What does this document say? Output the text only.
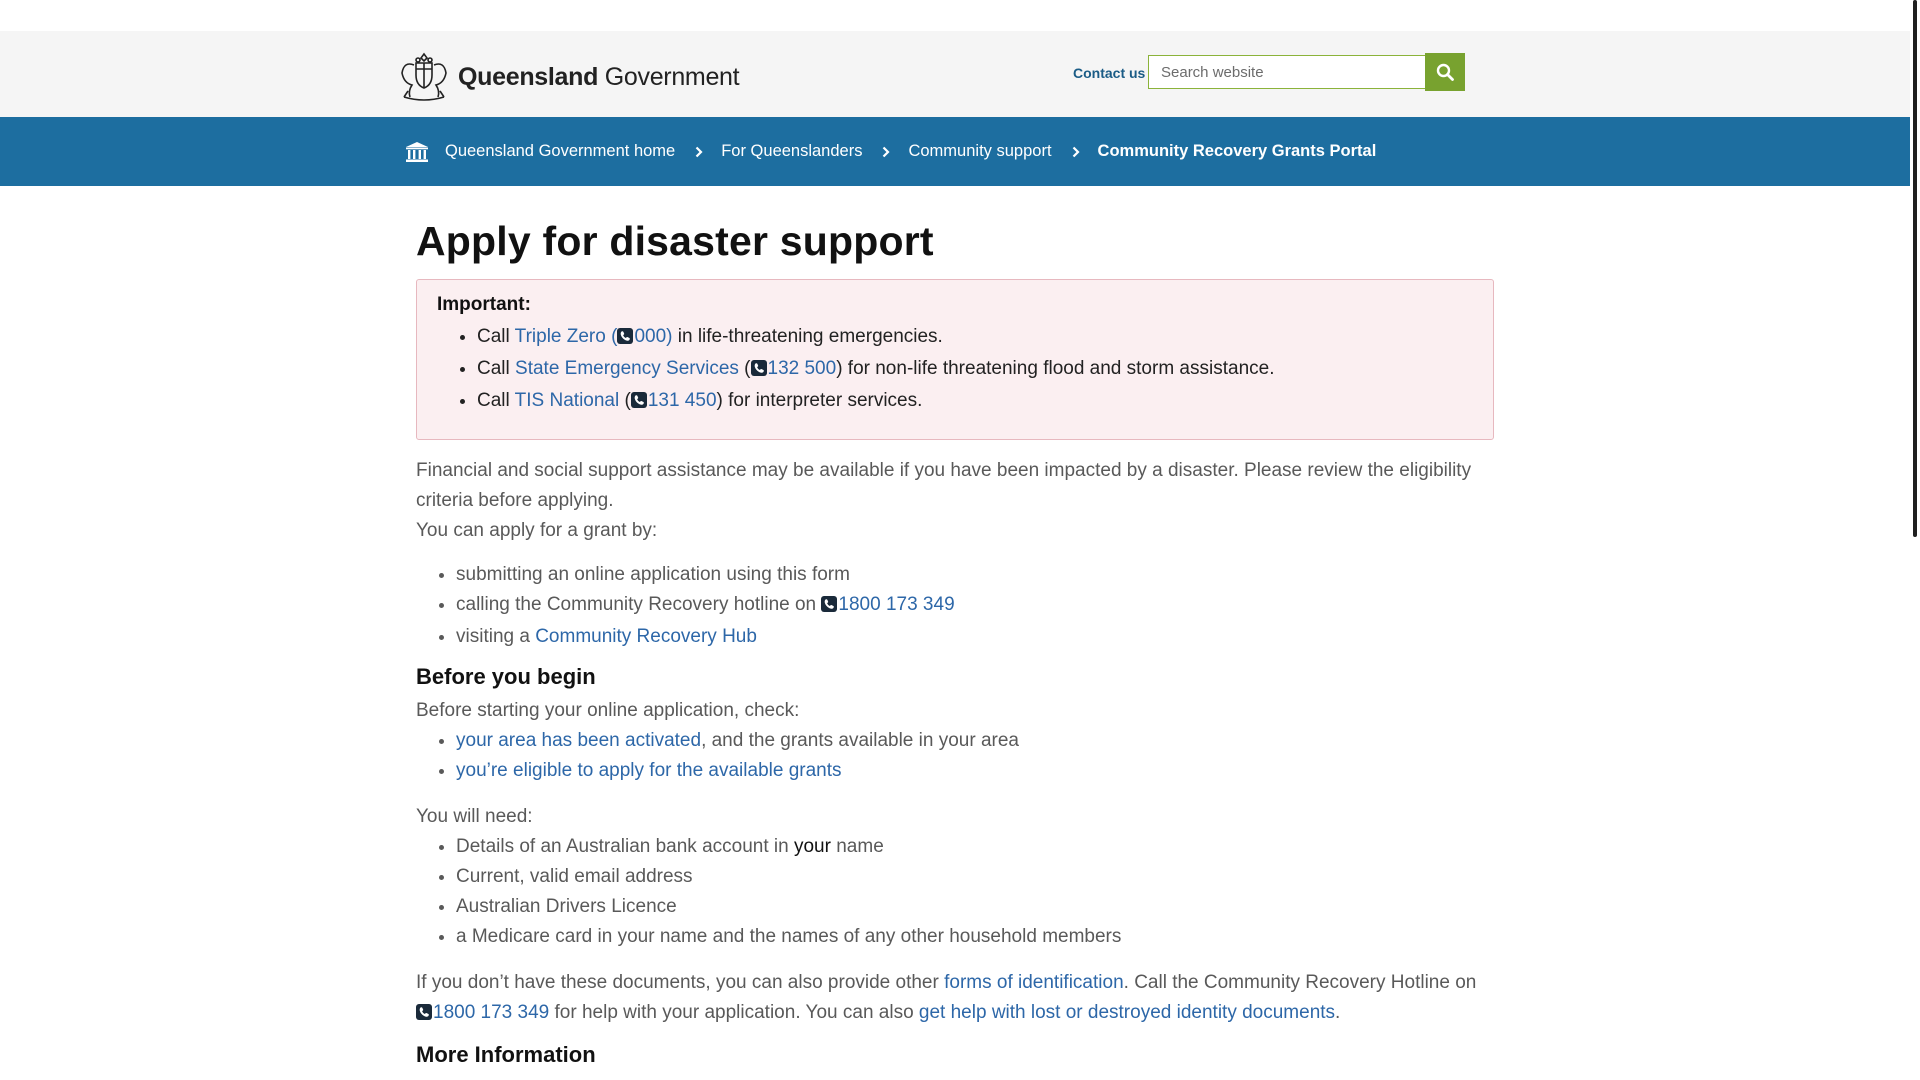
Queensland Government	Contact us
Search website
Queensland Government home	For Queenslanders	Community support	Community Recovery Grants Portal
Apply for disaster support
Important:
• Call Triple Zero ( 000) in life-threatening emergencies.
• Call State Emergency Services ( 132 500) for non-life threatening flood and storm assistance.
• Call TIS National ( 131 450) for interpreter services.

Financial and social support assistance may be available if you have been impacted by a disaster. Please review the eligibility criteria before applying.

You can apply for a grant by:

• submitting an online application using this form
• calling the Community Recovery hotline on 1800 173 349
• visiting a Community Recovery Hub
Before you begin

Before starting your online application, check:

• your area has been activated, and the grants available in your area
• you’re eligible to apply for the available grants

You will need:

• Details of an Australian bank account in your name
• Current, valid email address
• Australian Drivers Licence
• a Medicare card in your name and the names of any other household members

If you don’t have these documents, you can also provide other forms of identification. Call the Community Recovery Hotline on 1800 173 349 for help with your application. You can also get help with lost or destroyed identity documents.

More Information
